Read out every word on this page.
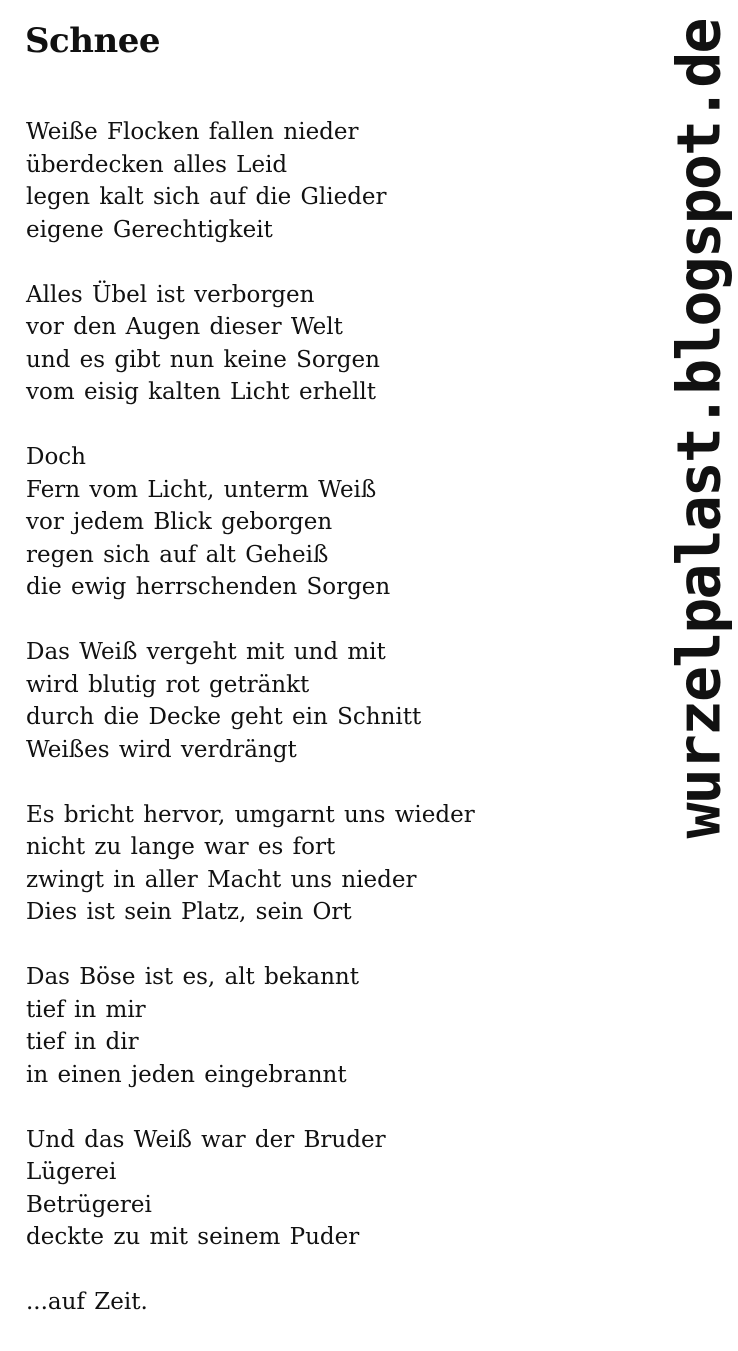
Schnee
Weiße Flocken fallen nieder
überdecken alles Leid
legen kalt sich auf die Glieder
eigene Gerechtigkeit
Alles Übel ist verborgen
vor den Augen dieser Welt
und es gibt nun keine Sorgen
vom eisig kalten Licht erhellt
Doch
Fern vom Licht, unterm Weiß
vor jedem Blick geborgen
regen sich auf alt Geheiß
die ewig herrschenden Sorgen
Das Weiß vergeht mit und mit
wird blutig rot getränkt
durch die Decke geht ein Schnitt
Weißes wird verdrängt
Es bricht hervor, umgarnt uns wieder
nicht zu lange war es fort
zwingt in aller Macht uns nieder
Dies ist sein Platz, sein Ort
Das Böse ist es, alt bekannt
tief in mir
tief in dir
in einen jeden eingebrannt
Und das Weiß war der Bruder
Lügerei
Betrügerei
deckte zu mit seinem Puder
...auf Zeit.
wurzelpalast.blogspot.de
